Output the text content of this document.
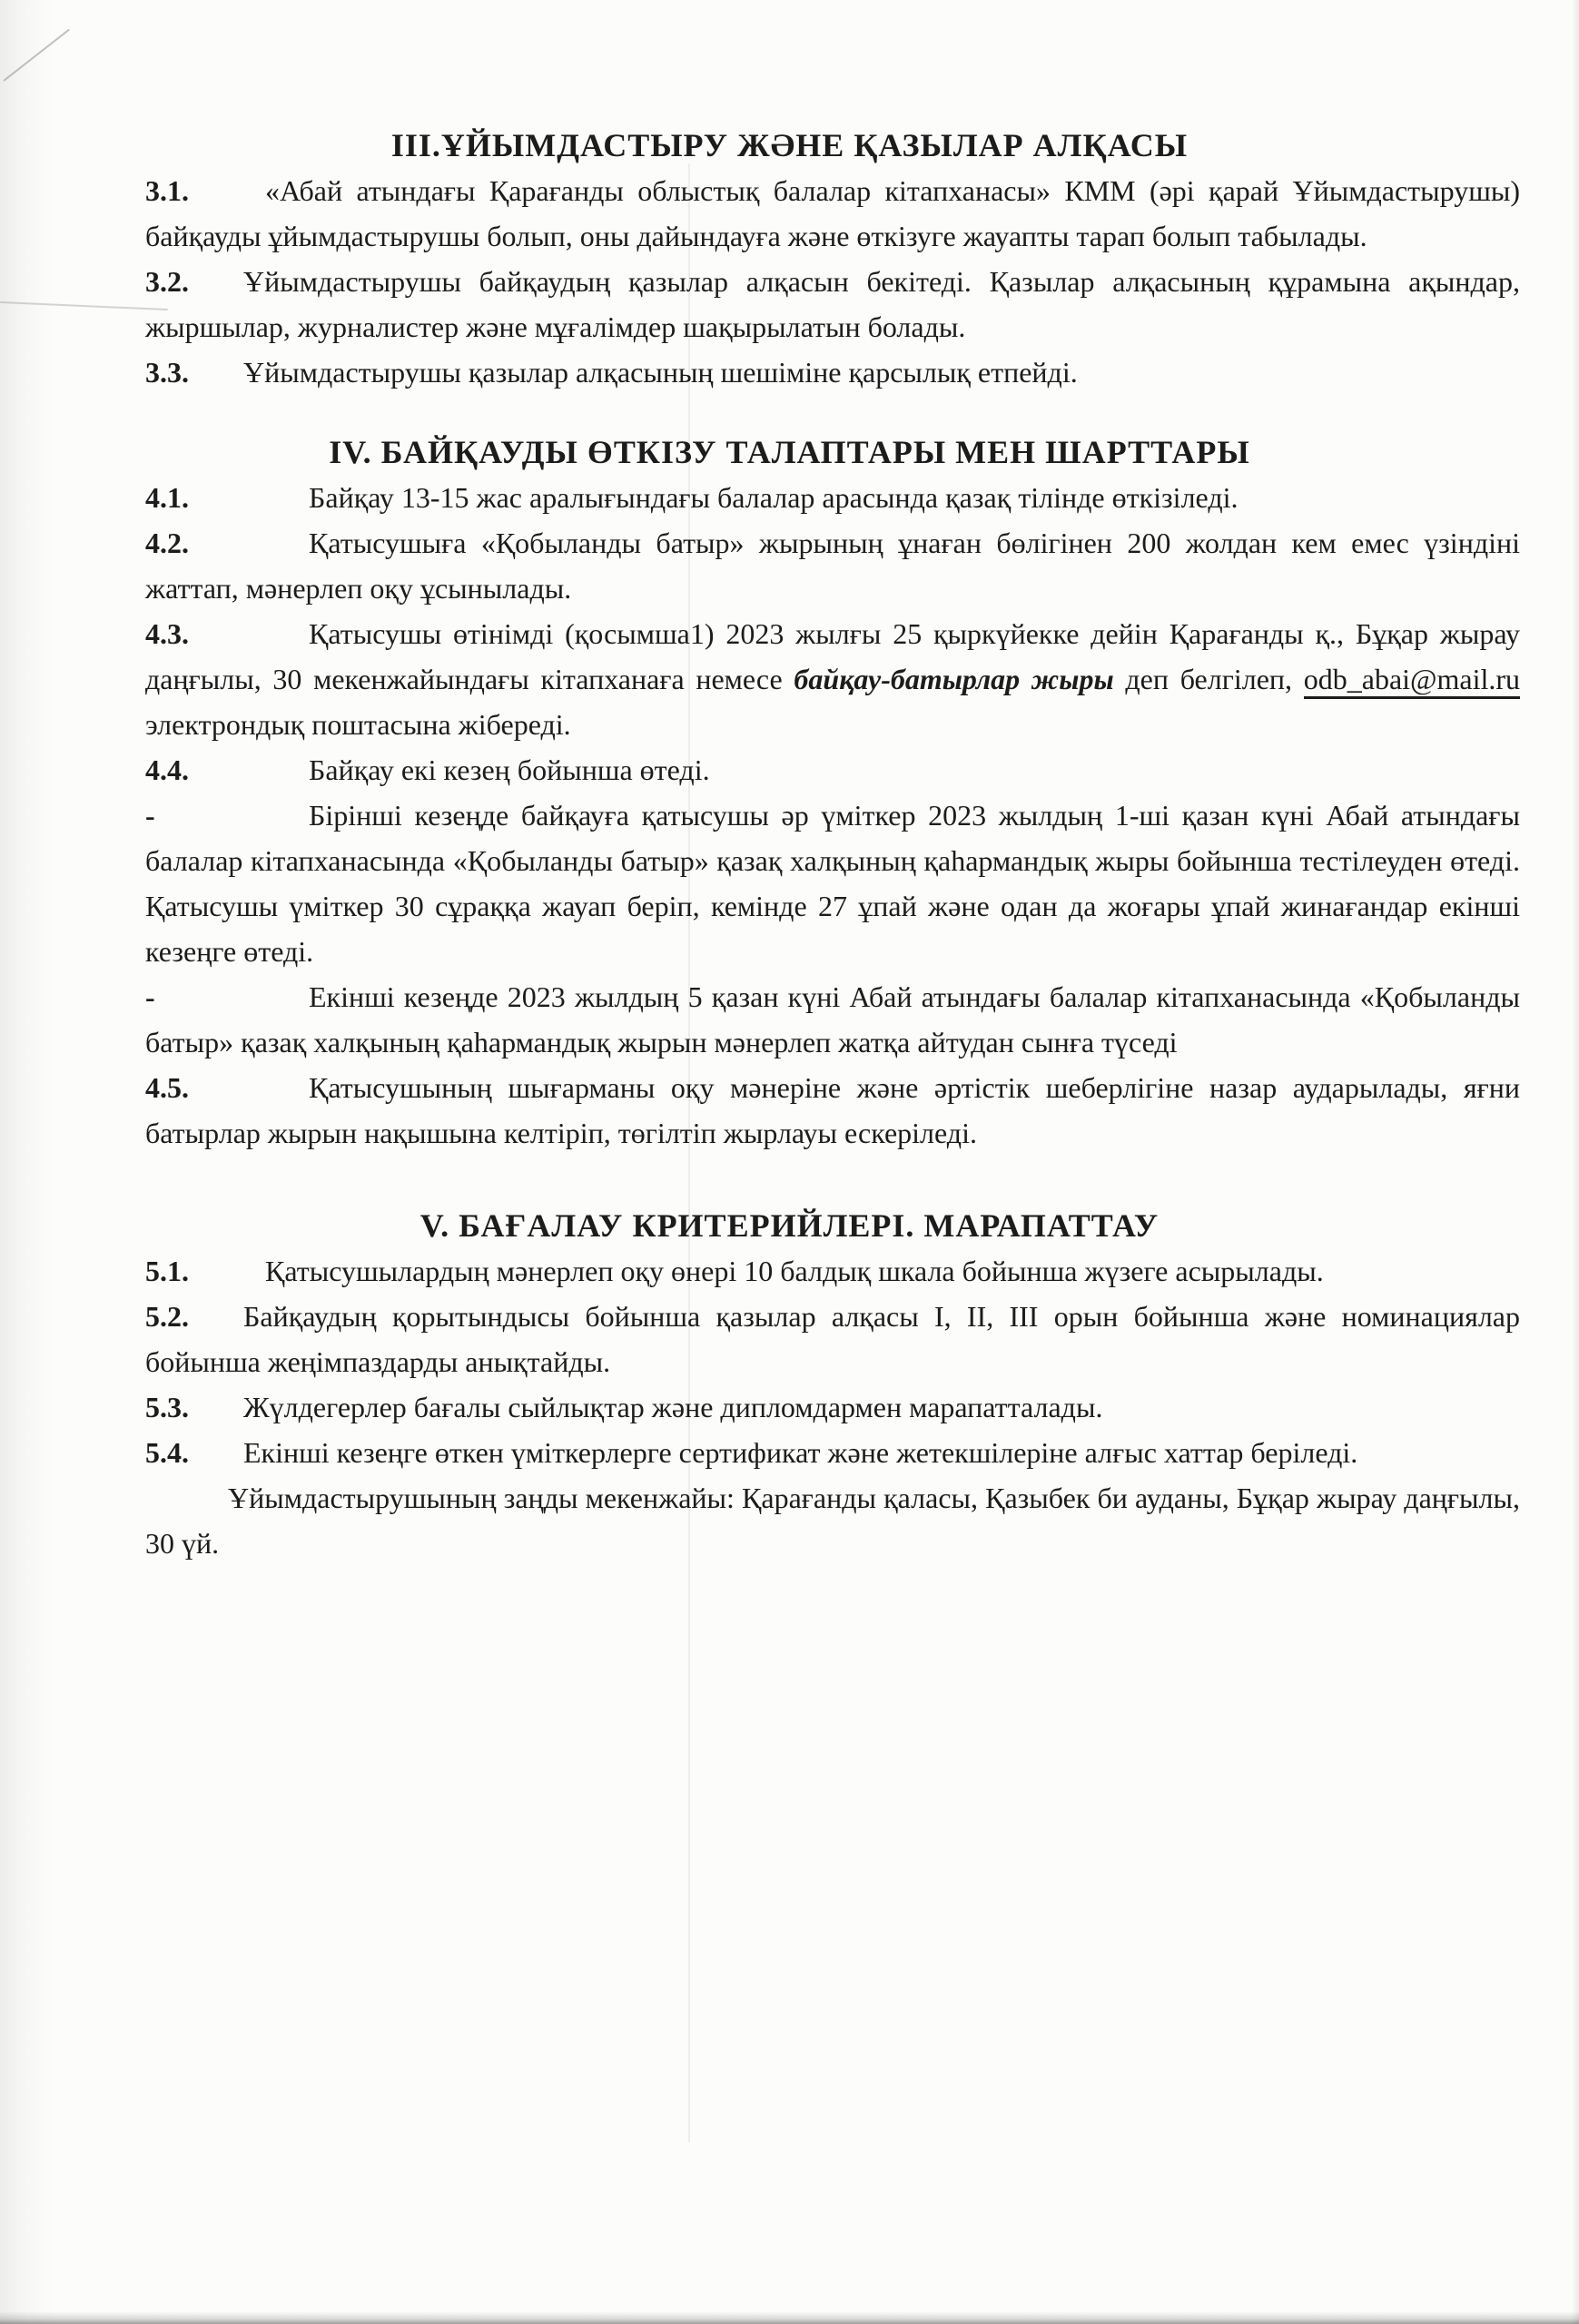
III.ҰЙЫМДАСТЫРУ ЖӘНЕ ҚАЗЫЛАР АЛҚАСЫ

3.1.	«Абай атындағы Қарағанды облыстық балалар кітапханасы» КММ (әрі қарай Ұйымдастырушы) байқауды ұйымдастырушы болып, оны дайындауға және өткізуге жауапты тарап болып табылады.

3.2. Ұйымдастырушы байқаудың қазылар алқасын бекітеді. Қазылар алқасының құрамына ақындар, жыршылар, журналистер және мұғалімдер шақырылатын болады.

3.3. Ұйымдастырушы қазылар алқасының шешіміне қарсылық етпейді.

IV. БАЙҚАУДЫ ӨТКІЗУ ТАЛАПТАРЫ МЕН ШАРТТАРЫ

4.1.	Байқау 13-15 жас аралығындағы балалар арасында қазақ тілінде өткізіледі.

4.2.	Қатысушыға «Қобыланды батыр» жырының ұнаған бөлігінен 200 жолдан кем емес үзіндіні жаттап, мәнерлеп оқу ұсынылады.

4.3.	Қатысушы өтінімді (қосымша1) 2023 жылғы 25 қыркүйекке дейін Қарағанды қ., Бұқар жырау даңғылы, 30 мекенжайындағы кітапханаға немесе байқау-батырлар жыры деп белгілеп, odb_abai@mail.ru электрондық поштасына жібереді.

4.4.	Байқау екі кезең бойынша өтеді.

-	Бірінші кезеңде байқауға қатысушы әр үміткер 2023 жылдың 1-ші қазан күні Абай атындағы балалар кітапханасында «Қобыланды батыр» қазақ халқының қаһармандық жыры бойынша тестілеуден өтеді. Қатысушы үміткер 30 сұраққа жауап беріп, кемінде 27 ұпай және одан да жоғары ұпай жинағандар екінші кезеңге өтеді.

-	Екінші кезеңде 2023 жылдың 5 қазан күні Абай атындағы балалар кітапханасында «Қобыланды батыр» қазақ халқының қаһармандық жырын мәнерлеп жатқа айтудан сынға түседі

4.5.	Қатысушының шығарманы оқу мәнеріне және әртістік шеберлігіне назар аударылады, яғни батырлар жырын нақышына келтіріп, төгілтіп жырлауы ескеріледі.

V. БАҒАЛАУ КРИТЕРИЙЛЕРІ. МАРАПАТТАУ

5.1.	Қатысушылардың мәнерлеп оқу өнері 10 балдық шкала бойынша жүзеге асырылады.

5.2. Байқаудың қорытындысы бойынша қазылар алқасы I, II, III орын бойынша және номинациялар бойынша жеңімпаздарды анықтайды.

5.3. Жүлдегерлер бағалы сыйлықтар және дипломдармен марапатталады.

5.4. Екінші кезеңге өткен үміткерлерге сертификат және жетекшілеріне алғыс хаттар беріледі.

Ұйымдастырушының заңды мекенжайы: Қарағанды қаласы, Қазыбек би ауданы, Бұқар жырау даңғылы, 30 үй.
